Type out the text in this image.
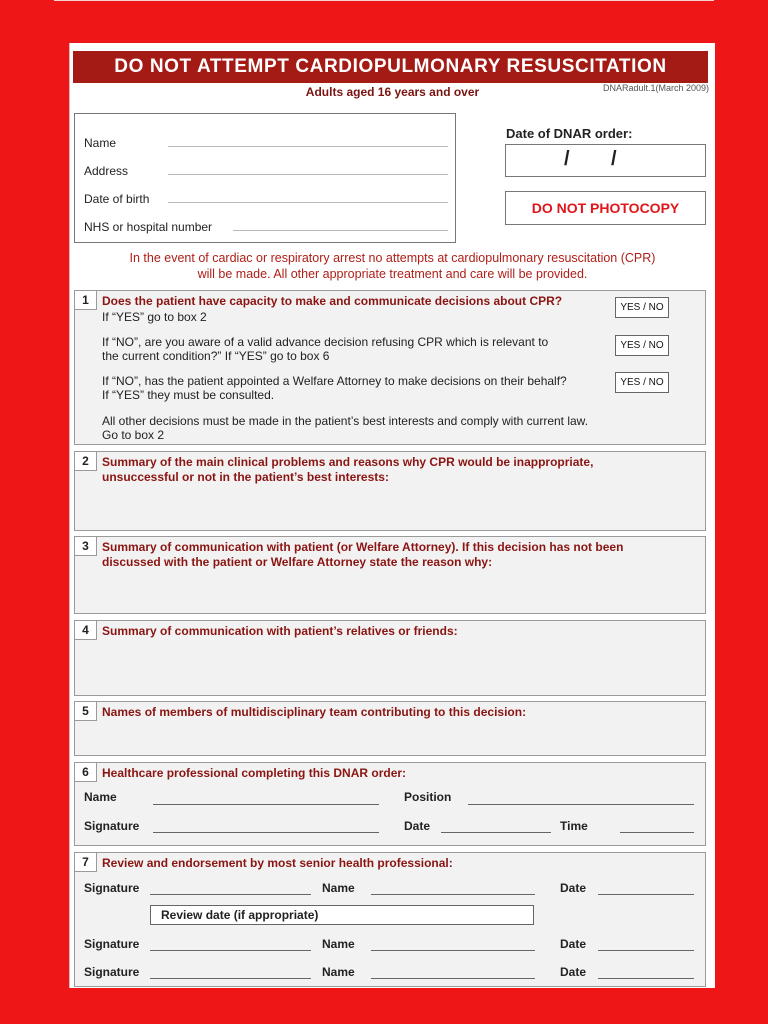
DO NOT ATTEMPT CARDIOPULMONARY RESUSCITATION
Adults aged 16 years and over	DNARadult.1(March 2009)
Name
Address
Date of birth
NHS or hospital number
Date of DNAR order:
/ /
DO NOT PHOTOCOPY
In the event of cardiac or respiratory arrest no attempts at cardiopulmonary resuscitation (CPR)
will be made. All other appropriate treatment and care will be provided.
1	Does the patient have capacity to make and communicate decisions about CPR?
If “YES” go to box 2
YES / NO
If “NO”, are you aware of a valid advance decision refusing CPR which is relevant to
the current condition?” If “YES” go to box 6
YES / NO
If “NO”, has the patient appointed a Welfare Attorney to make decisions on their behalf?
If “YES” they must be consulted.
YES / NO
All other decisions must be made in the patient’s best interests and comply with current law.
Go to box 2
2	Summary of the main clinical problems and reasons why CPR would be inappropriate,
unsuccessful or not in the patient’s best interests:
3	Summary of communication with patient (or Welfare Attorney). If this decision has not been
discussed with the patient or Welfare Attorney state the reason why:
4	Summary of communication with patient’s relatives or friends:
5	Names of members of multidisciplinary team contributing to this decision:
6	Healthcare professional completing this DNAR order:
Name	Position
Signature	Date	Time
7	Review and endorsement by most senior health professional:
Signature	Name	Date
Review date (if appropriate)
Signature	Name	Date
Signature	Name	Date
